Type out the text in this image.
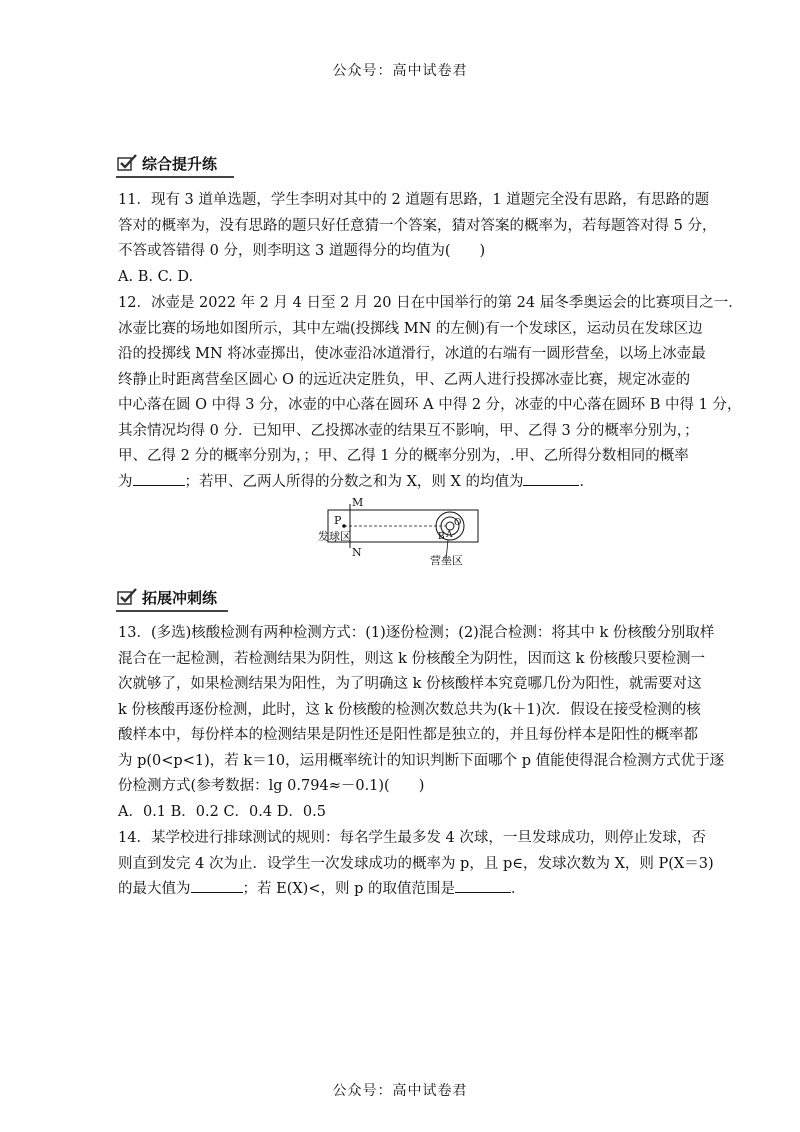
公众号：高中试卷君
综合提升练
11．现有 3 道单选题，学生李明对其中的 2 道题有思路，1 道题完全没有思路，有思路的题
答对的概率为，没有思路的题只好任意猜一个答案，猜对答案的概率为，若每题答对得 5 分，
不答或答错得 0 分，则李明这 3 道题得分的均值为(　　)
A. B. C. D.
12．冰壶是 2022 年 2 月 4 日至 2 月 20 日在中国举行的第 24 届冬季奥运会的比赛项目之一．
冰壶比赛的场地如图所示，其中左端(投掷线 MN 的左侧)有一个发球区，运动员在发球区边
沿的投掷线 MN 将冰壶掷出，使冰壶沿冰道滑行，冰道的右端有一圆形营垒，以场上冰壶最
终静止时距离营垒区圆心 O 的远近决定胜负，甲、乙两人进行投掷冰壶比赛，规定冰壶的
中心落在圆 O 中得 3 分，冰壶的中心落在圆环 A 中得 2 分，冰壶的中心落在圆环 B 中得 1 分，
其余情况均得 0 分．已知甲、乙投掷冰壶的结果互不影响，甲、乙得 3 分的概率分别为，；
甲、乙得 2 分的概率分别为，；甲、乙得 1 分的概率分别为，.甲、乙所得分数相同的概率
为	；若甲、乙两人所得的分数之和为 X，则 X 的均值为	．
M
N
P	O
A
B
发球区
营垒区
拓展冲刺练
13．(多选)核酸检测有两种检测方式：(1)逐份检测；(2)混合检测：将其中 k 份核酸分别取样
混合在一起检测，若检测结果为阴性，则这 k 份核酸全为阴性，因而这 k 份核酸只要检测一
次就够了，如果检测结果为阳性，为了明确这 k 份核酸样本究竟哪几份为阳性，就需要对这
k 份核酸再逐份检测，此时，这 k 份核酸的检测次数总共为(k＋1)次．假设在接受检测的核
酸样本中，每份样本的检测结果是阴性还是阳性都是独立的，并且每份样本是阳性的概率都
为 p(0<p<1)，若 k＝10，运用概率统计的知识判断下面哪个 p 值能使得混合检测方式优于逐
份检测方式(参考数据：lg 0.794≈－0.1)(　　)
A．0.1 B．0.2 C．0.4 D．0.5
14．某学校进行排球测试的规则：每名学生最多发 4 次球，一旦发球成功，则停止发球，否
则直到发完 4 次为止．设学生一次发球成功的概率为 p，且 p∈，发球次数为 X，则 P(X＝3)
的最大值为	；若 E(X)<，则 p 的取值范围是	．
公众号：高中试卷君
